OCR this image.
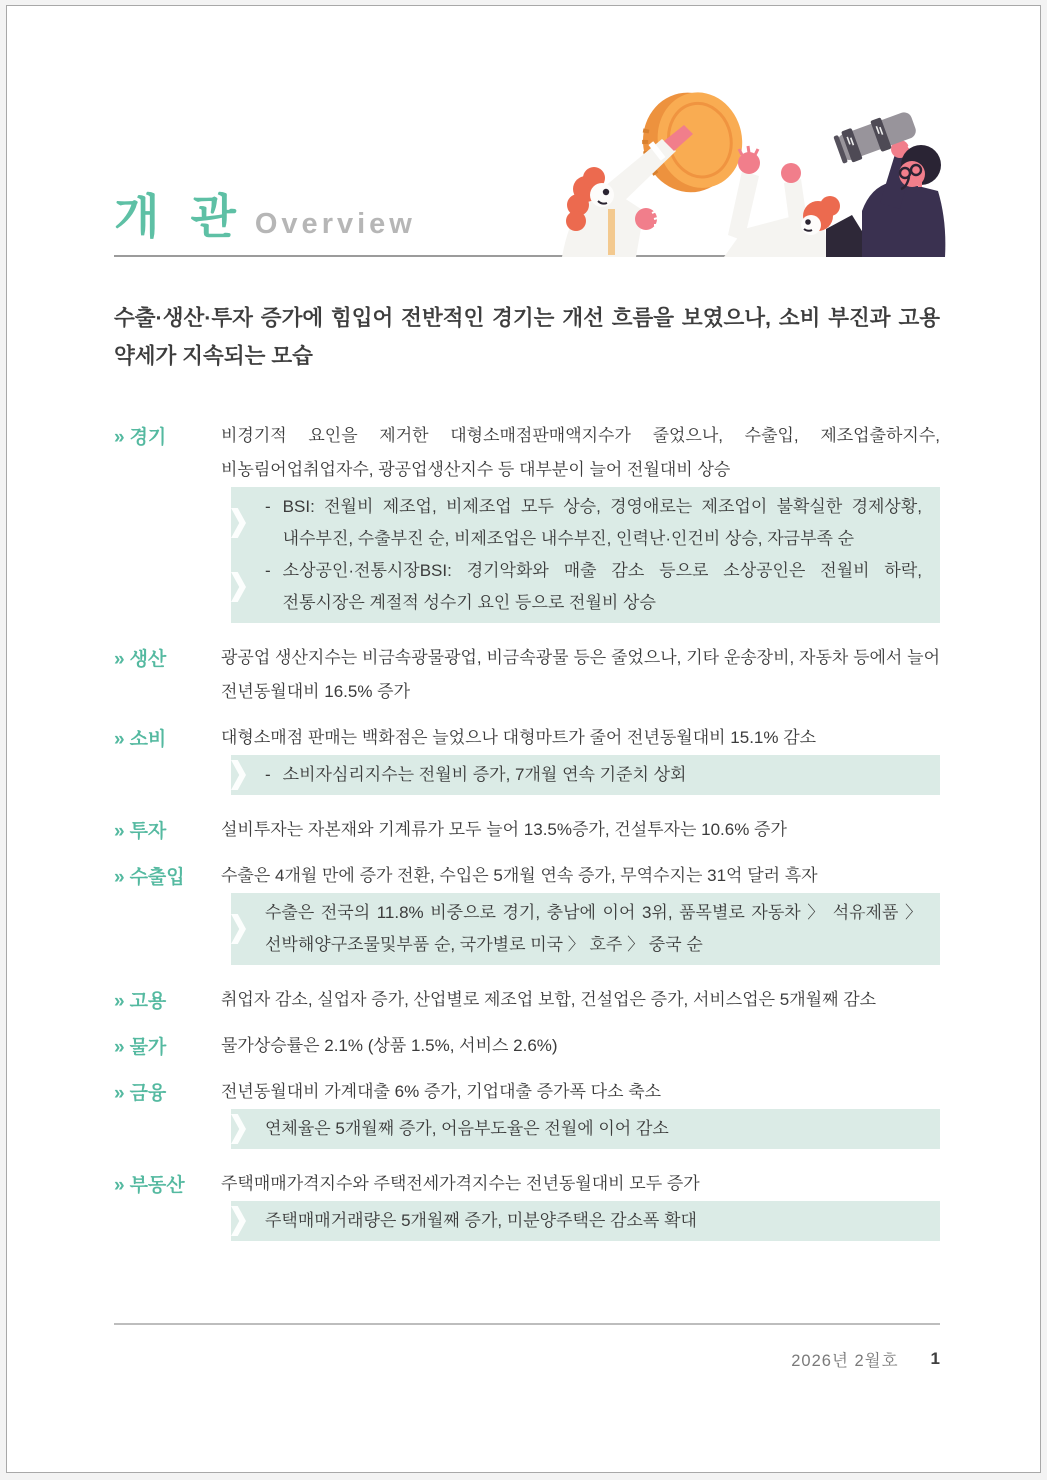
개 관 Overview

수출·생산·투자 증가에 힘입어 전반적인 경기는 개선 흐름을 보였으나, 소비 부진과 고용 약세가 지속되는 모습

» 경기	비경기적 요인을 제거한 대형소매점판매액지수가 줄었으나, 수출입, 제조업출하지수, 비농림어업취업자수, 광공업생산지수 등 대부분이 늘어 전월대비 상승
- BSI: 전월비 제조업, 비제조업 모두 상승, 경영애로는 제조업이 불확실한 경제상황, 내수부진, 수출부진 순, 비제조업은 내수부진, 인력난·인건비 상승, 자금부족 순
- 소상공인·전통시장BSI: 경기악화와 매출 감소 등으로 소상공인은 전월비 하락, 전통시장은 계절적 성수기 요인 등으로 전월비 상승
» 생산	광공업 생산지수는 비금속광물광업, 비금속광물 등은 줄었으나, 기타 운송장비, 자동차 등에서 늘어 전년동월대비 16.5% 증가
» 소비	대형소매점 판매는 백화점은 늘었으나 대형마트가 줄어 전년동월대비 15.1% 감소
- 소비자심리지수는 전월비 증가, 7개월 연속 기준치 상회
» 투자	설비투자는 자본재와 기계류가 모두 늘어 13.5%증가, 건설투자는 10.6% 증가
» 수출입	수출은 4개월 만에 증가 전환, 수입은 5개월 연속 증가, 무역수지는 31억 달러 흑자
수출은 전국의 11.8% 비중으로 경기, 충남에 이어 3위, 품목별로 자동차 〉 석유제품 〉 선박해양구조물및부품 순, 국가별로 미국 〉 호주 〉 중국 순
» 고용	취업자 감소, 실업자 증가, 산업별로 제조업 보합, 건설업은 증가, 서비스업은 5개월째 감소
» 물가	물가상승률은 2.1% (상품 1.5%, 서비스 2.6%)
» 금융	전년동월대비 가계대출 6% 증가, 기업대출 증가폭 다소 축소
연체율은 5개월째 증가, 어음부도율은 전월에 이어 감소
» 부동산	주택매매가격지수와 주택전세가격지수는 전년동월대비 모두 증가
주택매매거래량은 5개월째 증가, 미분양주택은 감소폭 확대
2026년 2월호 1
